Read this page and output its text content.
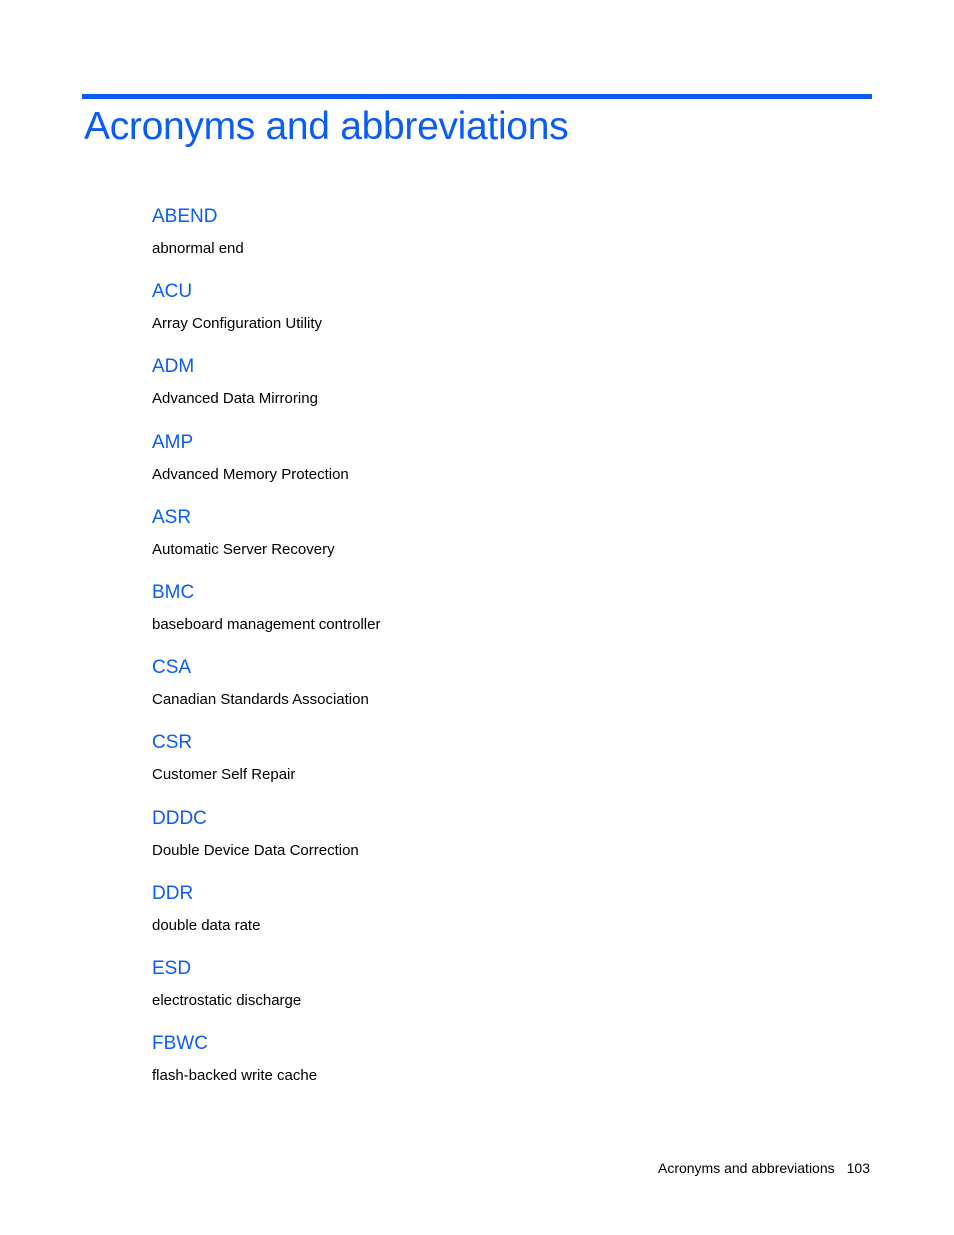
Acronyms and abbreviations
ABEND
abnormal end
ACU
Array Configuration Utility
ADM
Advanced Data Mirroring
AMP
Advanced Memory Protection
ASR
Automatic Server Recovery
BMC
baseboard management controller
CSA
Canadian Standards Association
CSR
Customer Self Repair
DDDC
Double Device Data Correction
DDR
double data rate
ESD
electrostatic discharge
FBWC
flash-backed write cache
Acronyms and abbreviations 103
